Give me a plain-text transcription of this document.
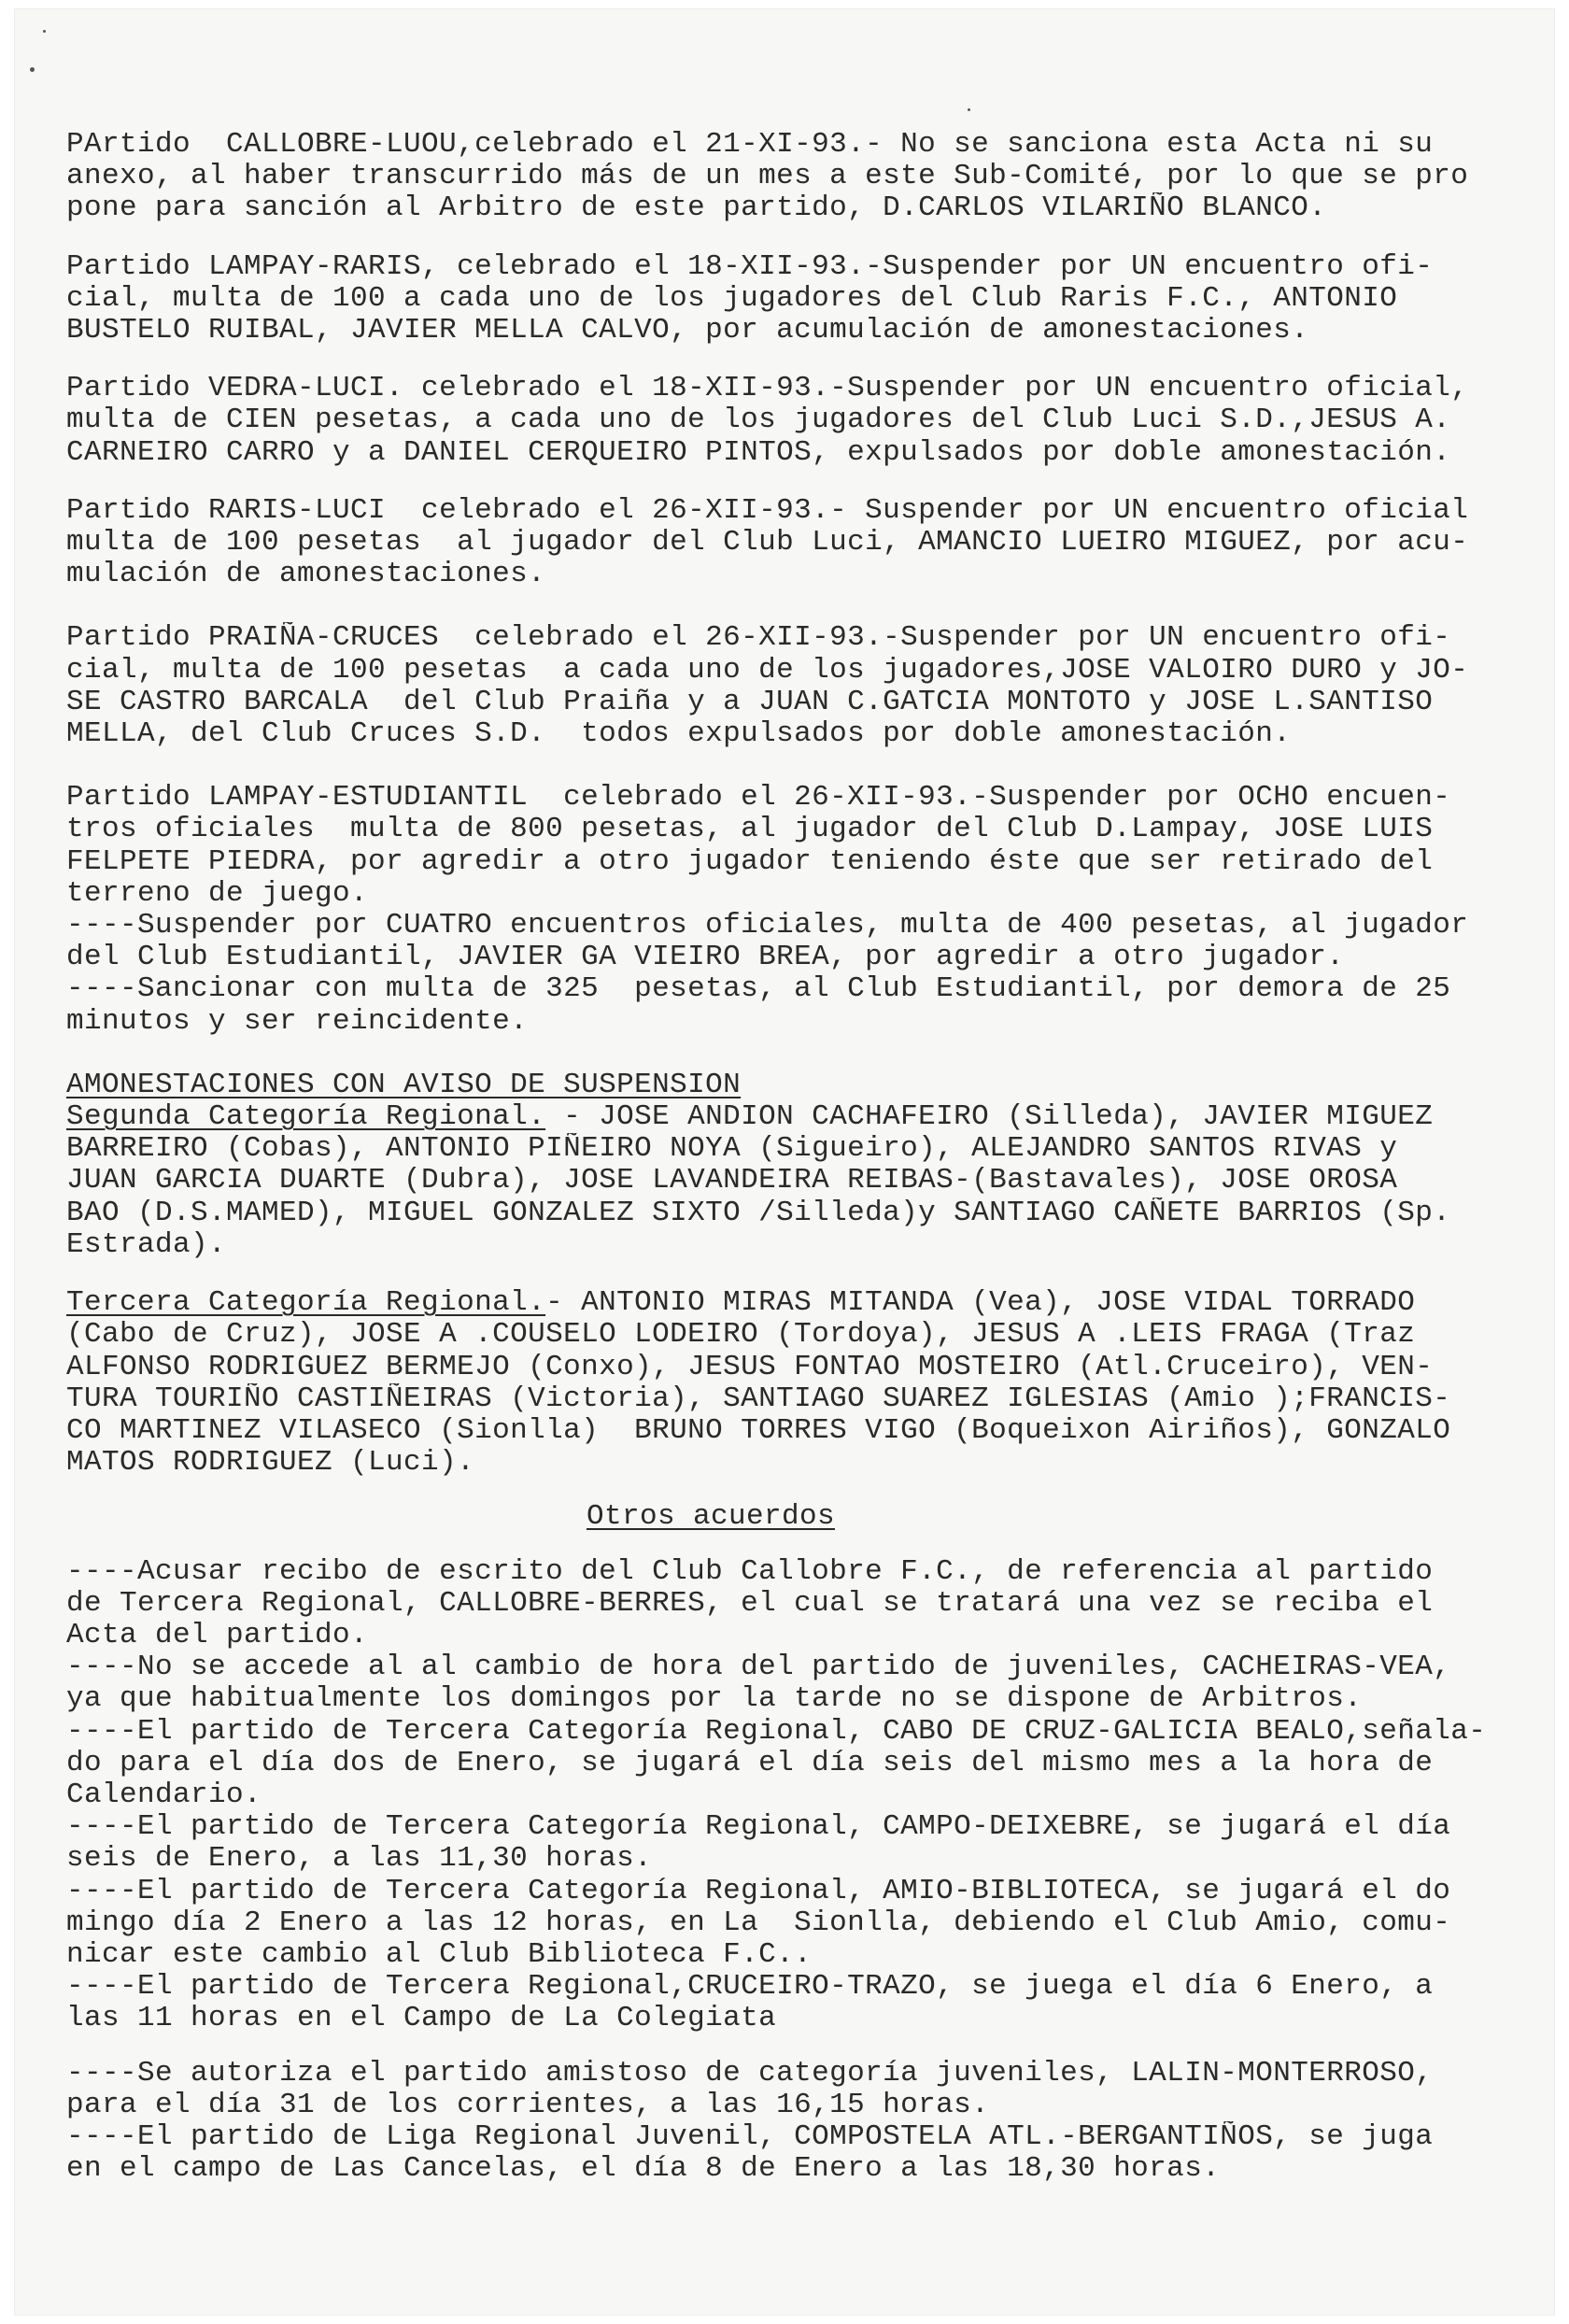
PArtido  CALLOBRE-LUOU,celebrado el 21-XI-93.- No se sanciona esta Acta ni su
anexo, al haber transcurrido más de un mes a este Sub-Comité, por lo que se pro
pone para sanción al Arbitro de este partido, D.CARLOS VILARIÑO BLANCO.
Partido LAMPAY-RARIS, celebrado el 18-XII-93.-Suspender por UN encuentro ofi-
cial, multa de 100 a cada uno de los jugadores del Club Raris F.C., ANTONIO
BUSTELO RUIBAL, JAVIER MELLA CALVO, por acumulación de amonestaciones.
Partido VEDRA-LUCI. celebrado el 18-XII-93.-Suspender por UN encuentro oficial,
multa de CIEN pesetas, a cada uno de los jugadores del Club Luci S.D.,JESUS A.
CARNEIRO CARRO y a DANIEL CERQUEIRO PINTOS, expulsados por doble amonestación.
Partido RARIS-LUCI  celebrado el 26-XII-93.- Suspender por UN encuentro oficial
multa de 100 pesetas  al jugador del Club Luci, AMANCIO LUEIRO MIGUEZ, por acu-
mulación de amonestaciones.
Partido PRAIÑA-CRUCES  celebrado el 26-XII-93.-Suspender por UN encuentro ofi-
cial, multa de 100 pesetas  a cada uno de los jugadores,JOSE VALOIRO DURO y JO-
SE CASTRO BARCALA  del Club Praiña y a JUAN C.GATCIA MONTOTO y JOSE L.SANTISO
MELLA, del Club Cruces S.D.  todos expulsados por doble amonestación.
Partido LAMPAY-ESTUDIANTIL  celebrado el 26-XII-93.-Suspender por OCHO encuen-
tros oficiales  multa de 800 pesetas, al jugador del Club D.Lampay, JOSE LUIS
FELPETE PIEDRA, por agredir a otro jugador teniendo éste que ser retirado del
terreno de juego.
----Suspender por CUATRO encuentros oficiales, multa de 400 pesetas, al jugador
del Club Estudiantil, JAVIER GA VIEIRO BREA, por agredir a otro jugador.
----Sancionar con multa de 325  pesetas, al Club Estudiantil, por demora de 25
minutos y ser reincidente.
AMONESTACIONES CON AVISO DE SUSPENSION
Segunda Categoría Regional. - JOSE ANDION CACHAFEIRO (Silleda), JAVIER MIGUEZ
BARREIRO (Cobas), ANTONIO PIÑEIRO NOYA (Sigueiro), ALEJANDRO SANTOS RIVAS y
JUAN GARCIA DUARTE (Dubra), JOSE LAVANDEIRA REIBAS-(Bastavales), JOSE OROSA
BAO (D.S.MAMED), MIGUEL GONZALEZ SIXTO /Silleda)y SANTIAGO CAÑETE BARRIOS (Sp.
Estrada).
Tercera Categoría Regional.- ANTONIO MIRAS MITANDA (Vea), JOSE VIDAL TORRADO
(Cabo de Cruz), JOSE A .COUSELO LODEIRO (Tordoya), JESUS A .LEIS FRAGA (Traz
ALFONSO RODRIGUEZ BERMEJO (Conxo), JESUS FONTAO MOSTEIRO (Atl.Cruceiro), VEN-
TURA TOURIÑO CASTIÑEIRAS (Victoria), SANTIAGO SUAREZ IGLESIAS (Amio );FRANCIS-
CO MARTINEZ VILASECO (Sionlla)  BRUNO TORRES VIGO (Boqueixon Airiños), GONZALO
MATOS RODRIGUEZ (Luci).
Otros acuerdos
----Acusar recibo de escrito del Club Callobre F.C., de referencia al partido
de Tercera Regional, CALLOBRE-BERRES, el cual se tratará una vez se reciba el
Acta del partido.
----No se accede al al cambio de hora del partido de juveniles, CACHEIRAS-VEA,
ya que habitualmente los domingos por la tarde no se dispone de Arbitros.
----El partido de Tercera Categoría Regional, CABO DE CRUZ-GALICIA BEALO,señala-
do para el día dos de Enero, se jugará el día seis del mismo mes a la hora de
Calendario.
----El partido de Tercera Categoría Regional, CAMPO-DEIXEBRE, se jugará el día
seis de Enero, a las 11,30 horas.
----El partido de Tercera Categoría Regional, AMIO-BIBLIOTECA, se jugará el do
mingo día 2 Enero a las 12 horas, en La  Sionlla, debiendo el Club Amio, comu-
nicar este cambio al Club Biblioteca F.C..
----El partido de Tercera Regional,CRUCEIRO-TRAZO, se juega el día 6 Enero, a
las 11 horas en el Campo de La Colegiata
----Se autoriza el partido amistoso de categoría juveniles, LALIN-MONTERROSO,
para el día 31 de los corrientes, a las 16,15 horas.
----El partido de Liga Regional Juvenil, COMPOSTELA ATL.-BERGANTIÑOS, se juga
en el campo de Las Cancelas, el día 8 de Enero a las 18,30 horas.
